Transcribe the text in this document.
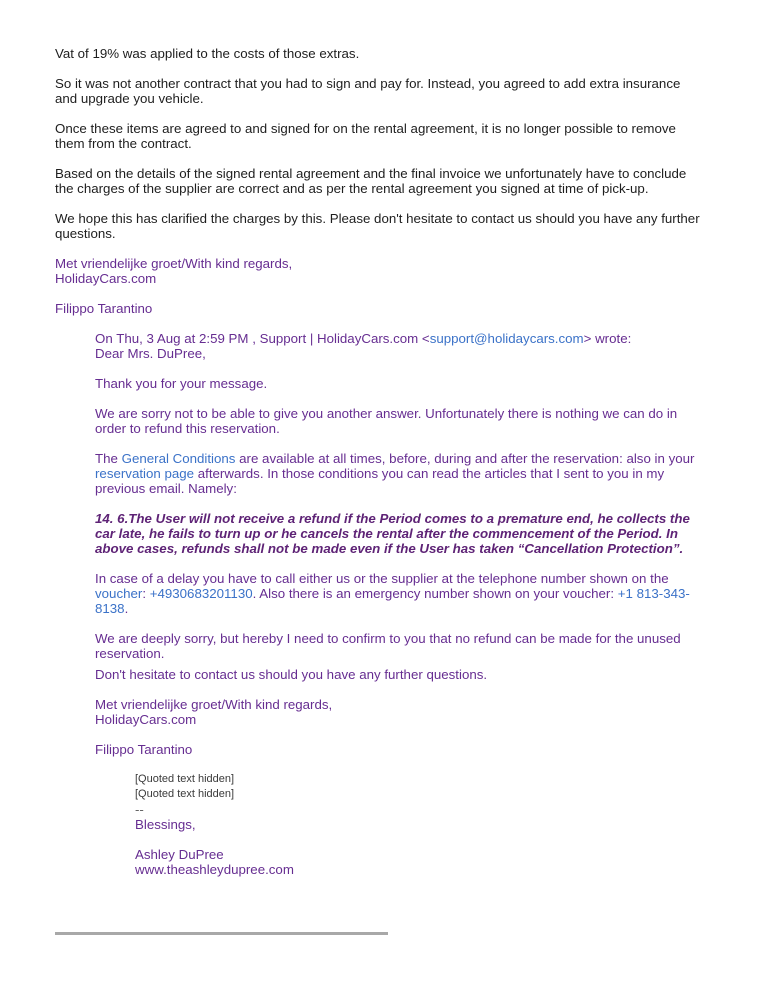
Vat of 19% was applied to the costs of those extras.
So it was not another contract that you had to sign and pay for. Instead, you agreed to add extra insurance and upgrade you vehicle.
Once these items are agreed to and signed for on the rental agreement, it is no longer possible to remove them from the contract.
Based on the details of the signed rental agreement and the final invoice we unfortunately have to conclude the charges of the supplier are correct and as per the rental agreement you signed at time of pick-up.
We hope this has clarified the charges by this. Please don't hesitate to contact us should you have any further questions.
Met vriendelijke groet/With kind regards,
HolidayCars.com
Filippo Tarantino
On Thu, 3 Aug at 2:59 PM , Support | HolidayCars.com <support@holidaycars.com> wrote:
Dear Mrs. DuPree,
Thank you for your message.
We are sorry not to be able to give you another answer. Unfortunately there is nothing we can do in order to refund this reservation.
The General Conditions are available at all times, before, during and after the reservation: also in your reservation page afterwards. In those conditions you can read the articles that I sent to you in my previous email. Namely:
14. 6.The User will not receive a refund if the Period comes to a premature end, he collects the car late, he fails to turn up or he cancels the rental after the commencement of the Period. In above cases, refunds shall not be made even if the User has taken “Cancellation Protection”.
In case of a delay you have to call either us or the supplier at the telephone number shown on the voucher: +4930683201130. Also there is an emergency number shown on your voucher: +1 813-343-8138.
We are deeply sorry, but hereby I need to confirm to you that no refund can be made for the unused reservation.
Don't hesitate to contact us should you have any further questions.
Met vriendelijke groet/With kind regards,
HolidayCars.com
Filippo Tarantino
[Quoted text hidden]
[Quoted text hidden]
--
Blessings,
Ashley DuPree
www.theashleydupree.com
